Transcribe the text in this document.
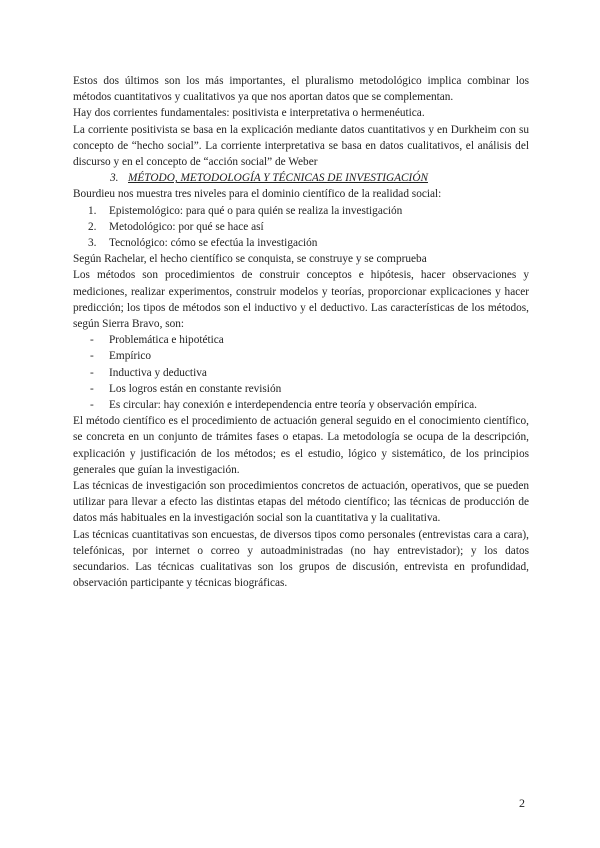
Estos dos últimos son los más importantes, el pluralismo metodológico implica combinar los métodos cuantitativos y cualitativos ya que nos aportan datos que se complementan.

Hay dos corrientes fundamentales: positivista e interpretativa o hermenéutica.

La corriente positivista se basa en la explicación mediante datos cuantitativos y en Durkheim con su concepto de “hecho social”. La corriente interpretativa se basa en datos cualitativos, el análisis del discurso y en el concepto de “acción social” de Weber

3. MÉTODO, METODOLOGÍA Y TÉCNICAS DE INVESTIGACIÓN

Bourdieu nos muestra tres niveles para el dominio científico de la realidad social:

1. Epistemológico: para qué o para quién se realiza la investigación
2. Metodológico: por qué se hace así
3. Tecnológico: cómo se efectúa la investigación

Según Rachelar, el hecho científico se conquista, se construye y se comprueba

Los métodos son procedimientos de construir conceptos e hipótesis, hacer observaciones y mediciones, realizar experimentos, construir modelos y teorías, proporcionar explicaciones y hacer predicción; los tipos de métodos son el inductivo y el deductivo. Las características de los métodos, según Sierra Bravo, son:

- Problemática e hipotética
- Empírico
- Inductiva y deductiva
- Los logros están en constante revisión
- Es circular: hay conexión e interdependencia entre teoría y observación empírica.

El método científico es el procedimiento de actuación general seguido en el conocimiento científico, se concreta en un conjunto de trámites fases o etapas. La metodología se ocupa de la descripción, explicación y justificación de los métodos; es el estudio, lógico y sistemático, de los principios generales que guían la investigación.

Las técnicas de investigación son procedimientos concretos de actuación, operativos, que se pueden utilizar para llevar a efecto las distintas etapas del método científico; las técnicas de producción de datos más habituales en la investigación social son la cuantitativa y la cualitativa.

Las técnicas cuantitativas son encuestas, de diversos tipos como personales (entrevistas cara a cara), telefónicas, por internet o correo y autoadministradas (no hay entrevistador); y los datos secundarios. Las técnicas cualitativas son los grupos de discusión, entrevista en profundidad, observación participante y técnicas biográficas.

2
